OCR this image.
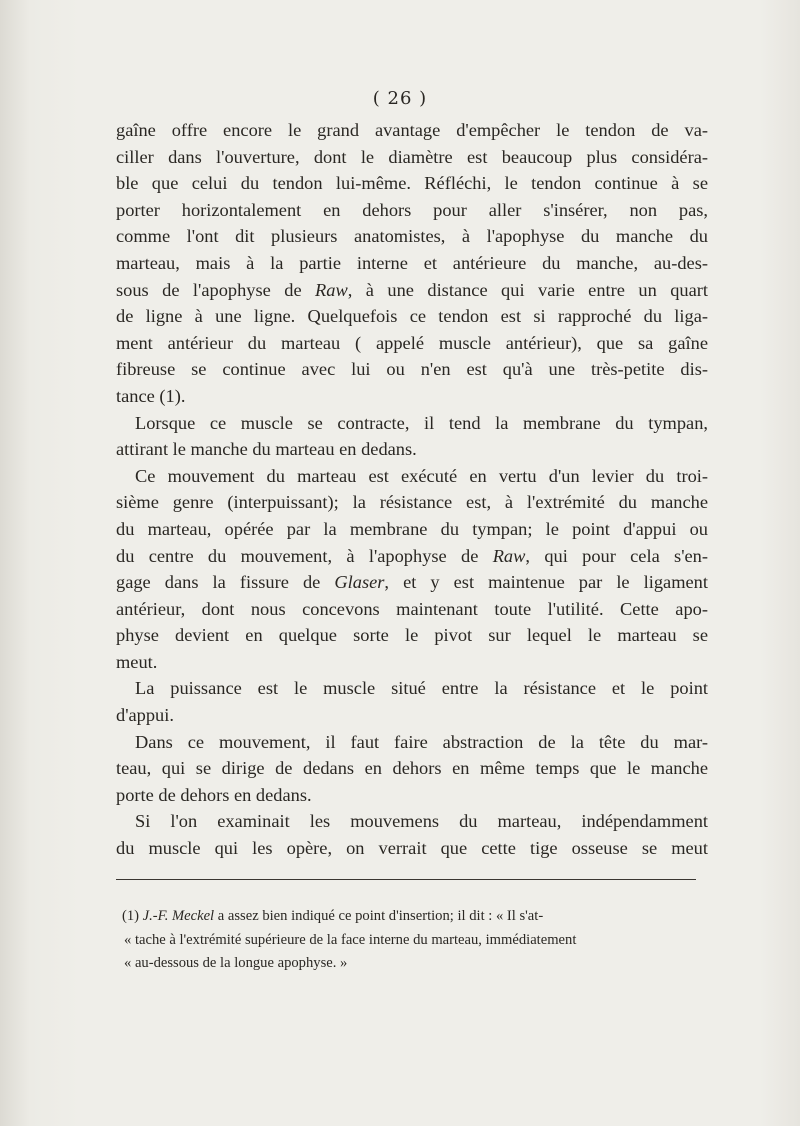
( 26 )
gaîne offre encore le grand avantage d'empêcher le tendon de va-
ciller dans l'ouverture, dont le diamètre est beaucoup plus considéra-
ble que celui du tendon lui-même. Réfléchi, le tendon continue à se
porter horizontalement en dehors pour aller s'insérer, non pas,
comme l'ont dit plusieurs anatomistes, à l'apophyse du manche du
marteau, mais à la partie interne et antérieure du manche, au-des-
sous de l'apophyse de Raw, à une distance qui varie entre un quart
de ligne à une ligne. Quelquefois ce tendon est si rapproché du liga-
ment antérieur du marteau ( appelé muscle antérieur), que sa gaîne
fibreuse se continue avec lui ou n'en est qu'à une très-petite dis-
tance (1).
Lorsque ce muscle se contracte, il tend la membrane du tympan,
attirant le manche du marteau en dedans.
Ce mouvement du marteau est exécuté en vertu d'un levier du troi-
sième genre (interpuissant); la résistance est, à l'extrémité du manche
du marteau, opérée par la membrane du tympan; le point d'appui ou
du centre du mouvement, à l'apophyse de Raw, qui pour cela s'en-
gage dans la fissure de Glaser, et y est maintenue par le ligament
antérieur, dont nous concevons maintenant toute l'utilité. Cette apo-
physe devient en quelque sorte le pivot sur lequel le marteau se
meut.
La puissance est le muscle situé entre la résistance et le point
d'appui.
Dans ce mouvement, il faut faire abstraction de la tête du mar-
teau, qui se dirige de dedans en dehors en même temps que le manche
porte de dehors en dedans.
Si l'on examinait les mouvemens du marteau, indépendamment
du muscle qui les opère, on verrait que cette tige osseuse se meut
(1) J.-F. Meckel a assez bien indiqué ce point d'insertion; il dit : « Il s'at-
« tache à l'extrémité supérieure de la face interne du marteau, immédiatement
« au-dessous de la longue apophyse. »
